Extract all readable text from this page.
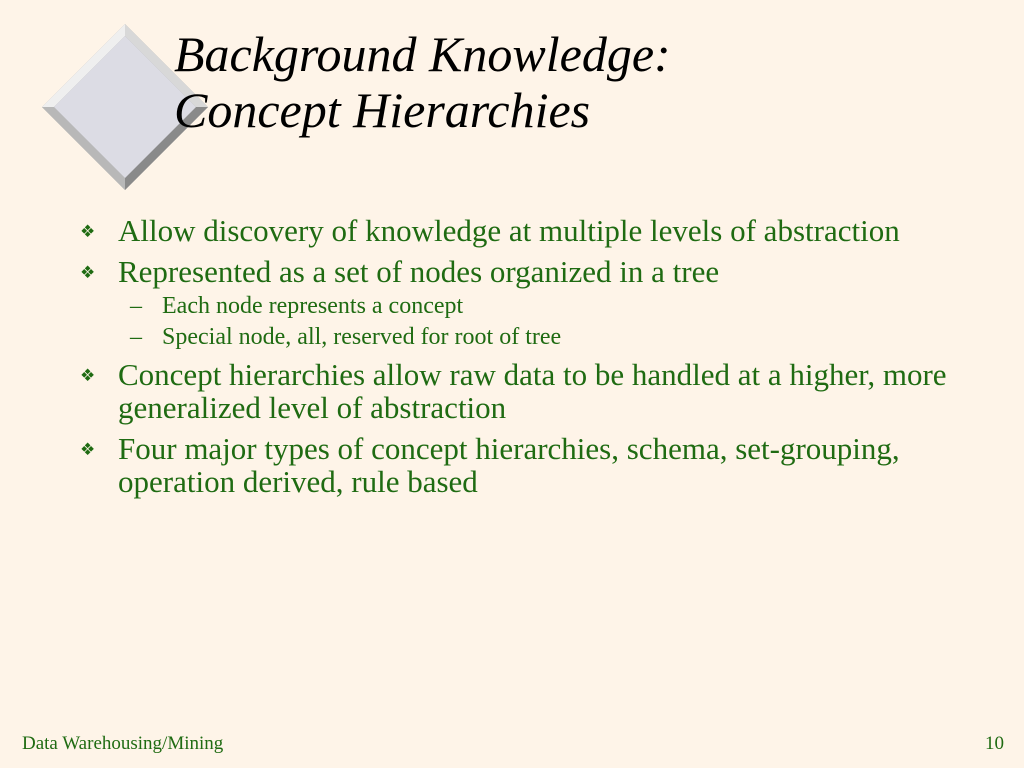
Background Knowledge:
Concept Hierarchies
❖ Allow discovery of knowledge at multiple levels of abstraction
❖ Represented as a set of nodes organized in a tree
– Each node represents a concept
– Special node, all, reserved for root of tree
❖ Concept hierarchies allow raw data to be handled at a higher, more generalized level of abstraction
❖ Four major types of concept hierarchies, schema, set-grouping, operation derived, rule based
Data Warehousing/Mining	10
